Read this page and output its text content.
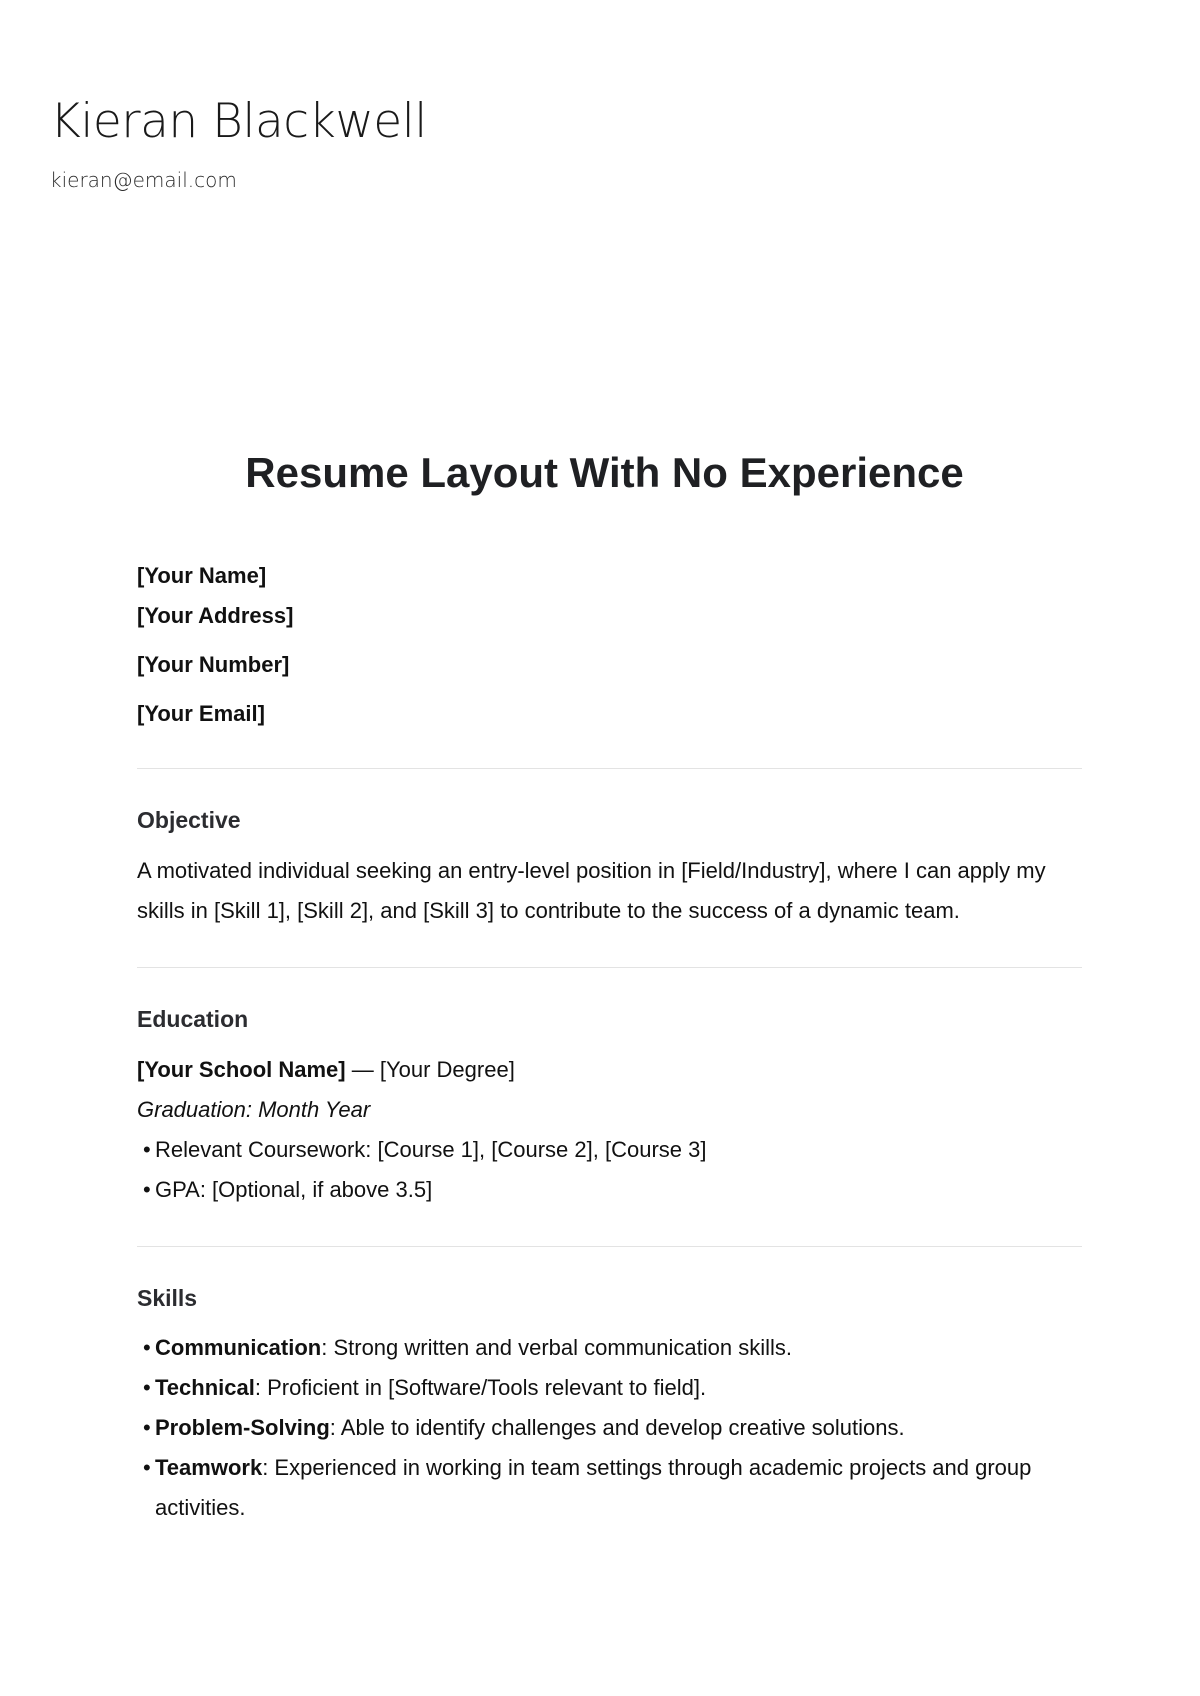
Kieran Blackwell
kieran@email.com
Resume Layout With No Experience
[Your Name]
[Your Address]
[Your Number]
[Your Email]
Objective
A motivated individual seeking an entry-level position in [Field/Industry], where I can apply my skills in [Skill 1], [Skill 2], and [Skill 3] to contribute to the success of a dynamic team.
Education
[Your School Name] — [Your Degree]
Graduation: Month Year
• Relevant Coursework: [Course 1], [Course 2], [Course 3]
• GPA: [Optional, if above 3.5]
Skills
• Communication: Strong written and verbal communication skills.
• Technical: Proficient in [Software/Tools relevant to field].
• Problem-Solving: Able to identify challenges and develop creative solutions.
• Teamwork: Experienced in working in team settings through academic projects and group activities.
